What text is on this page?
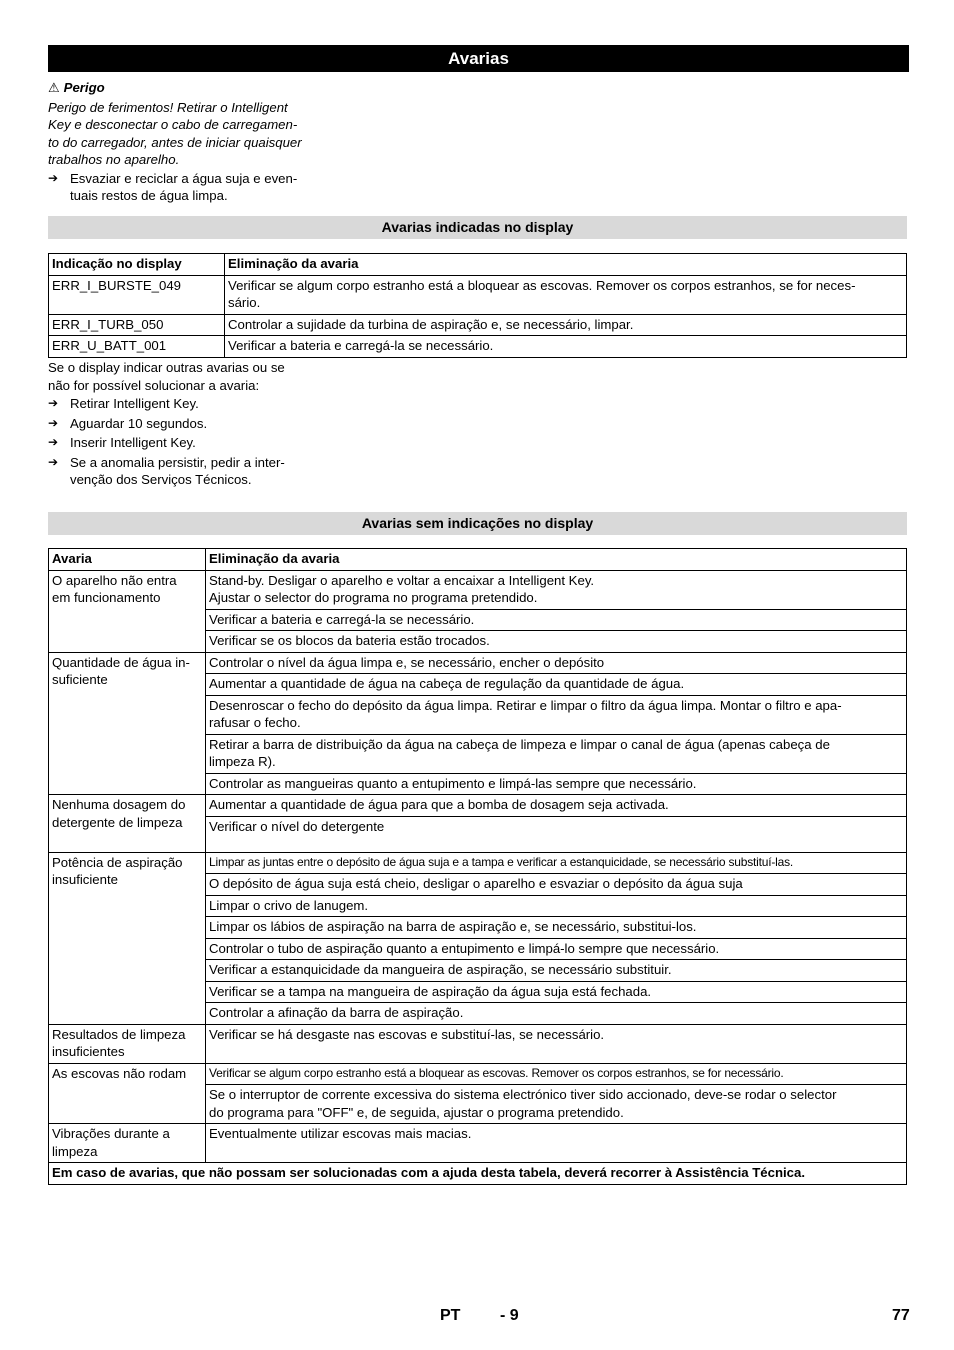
Avarias
⚠ Perigo
Perigo de ferimentos! Retirar o Intelligent
Key e desconectar o cabo de carregamen-
to do carregador, antes de iniciar quaisquer
trabalhos no aparelho.
➔ Esvaziar e reciclar a água suja e even-
tuais restos de água limpa.
Avarias indicadas no display
Indicação no display	Eliminação da avaria
ERR_I_BURSTE_049	Verificar se algum corpo estranho está a bloquear as escovas. Remover os corpos estranhos, se for neces-
sário.
ERR_I_TURB_050	Controlar a sujidade da turbina de aspiração e, se necessário, limpar.
ERR_U_BATT_001	Verificar a bateria e carregá-la se necessário.
Se o display indicar outras avarias ou se
não for possível solucionar a avaria:
➔ Retirar Intelligent Key.
➔ Aguardar 10 segundos.
➔ Inserir Intelligent Key.
➔ Se a anomalia persistir, pedir a inter-
venção dos Serviços Técnicos.
Avarias sem indicações no display
Avaria	Eliminação da avaria
O aparelho não entra
em funcionamento	Stand-by. Desligar o aparelho e voltar a encaixar a Intelligent Key.
Ajustar o selector do programa no programa pretendido.
	Verificar a bateria e carregá-la se necessário.
	Verificar se os blocos da bateria estão trocados.
Quantidade de água in-
suficiente	Controlar o nível da água limpa e, se necessário, encher o depósito
	Aumentar a quantidade de água na cabeça de regulação da quantidade de água.
	Desenroscar o fecho do depósito da água limpa. Retirar e limpar o filtro da água limpa. Montar o filtro e apa-
rafusar o fecho.
	Retirar a barra de distribuição da água na cabeça de limpeza e limpar o canal de água (apenas cabeça de
limpeza R).
	Controlar as mangueiras quanto a entupimento e limpá-las sempre que necessário.
Nenhuma dosagem do
detergente de limpeza	Aumentar a quantidade de água para que a bomba de dosagem seja activada.
	Verificar o nível do detergente
Potência de aspiração
insuficiente	Limpar as juntas entre o depósito de água suja e a tampa e verificar a estanquicidade, se necessário substituí-las.
	O depósito de água suja está cheio, desligar o aparelho e esvaziar o depósito da água suja
	Limpar o crivo de lanugem.
	Limpar os lábios de aspiração na barra de aspiração e, se necessário, substitui-los.
	Controlar o tubo de aspiração quanto a entupimento e limpá-lo sempre que necessário.
	Verificar a estanquicidade da mangueira de aspiração, se necessário substituir.
	Verificar se a tampa na mangueira de aspiração da água suja está fechada.
	Controlar a afinação da barra de aspiração.
Resultados de limpeza
insuficientes	Verificar se há desgaste nas escovas e substituí-las, se necessário.
As escovas não rodam	Verificar se algum corpo estranho está a bloquear as escovas. Remover os corpos estranhos, se for necessário.
	Se o interruptor de corrente excessiva do sistema electrónico tiver sido accionado, deve-se rodar o selector
do programa para "OFF" e, de seguida, ajustar o programa pretendido.
Vibrações durante a
limpeza	Eventualmente utilizar escovas mais macias.
Em caso de avarias, que não possam ser solucionadas com a ajuda desta tabela, deverá recorrer à Assistência Técnica.	
PT - 9	77
